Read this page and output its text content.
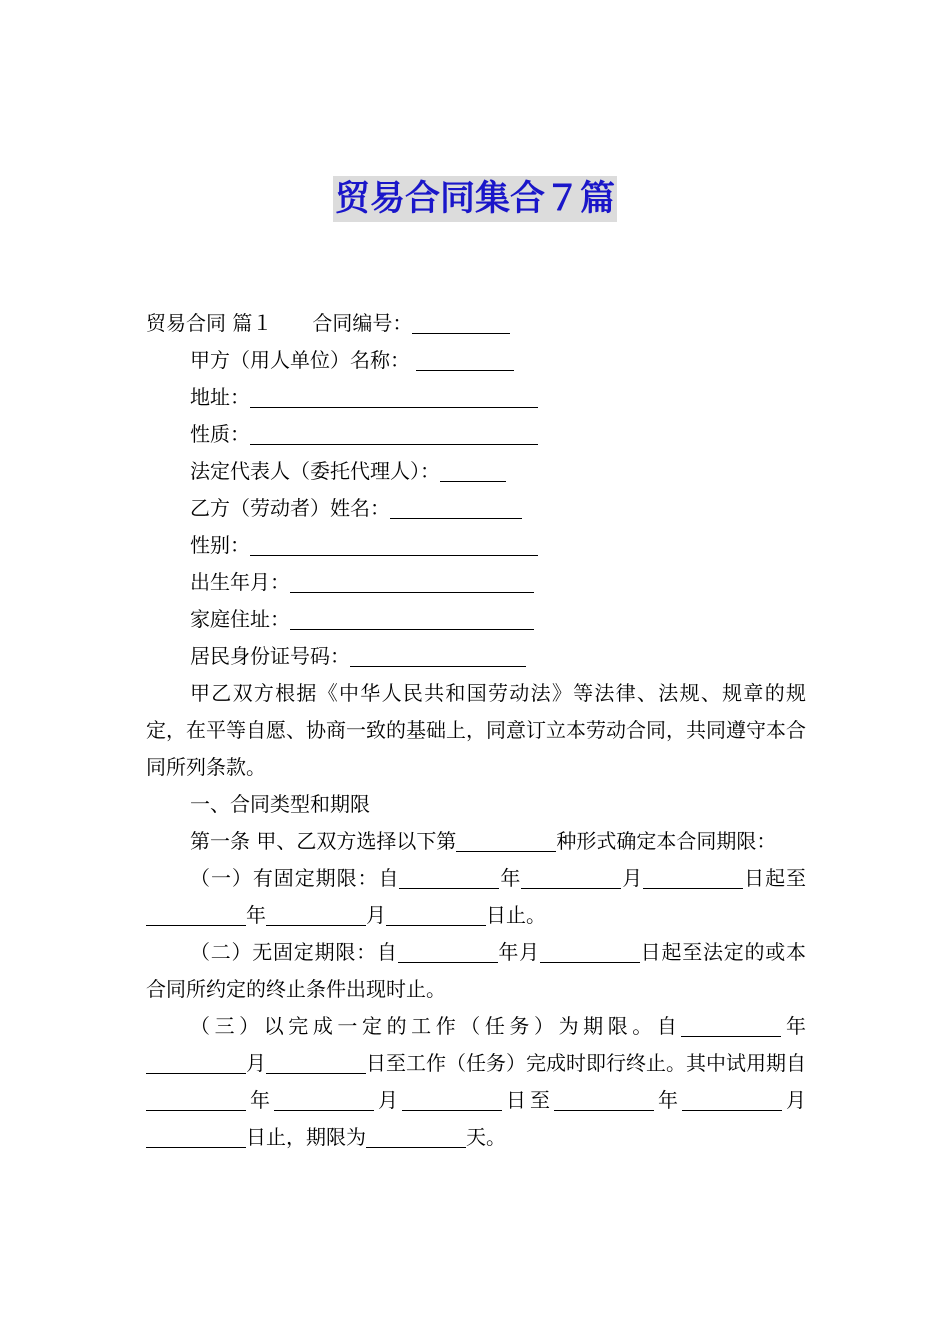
贸易合同集合７篇
贸易合同 篇１ 合同编号：
甲方（用人单位）名称：
地址：
性质：
法定代表人（委托代理人）：
乙方（劳动者）姓名：
性别：
出生年月：
家庭住址：
居民身份证号码：
甲乙双方根据《中华人民共和国劳动法》等法律、法规、规章的规定，在平等自愿、协商一致的基础上，同意订立本劳动合同，共同遵守本合同所列条款。
一、合同类型和期限
第一条 甲、乙双方选择以下第	种形式确定本合同期限：
（一）有固定期限：自	年	月	日起至年	月	日止。
（二）无固定期限：自	年月	日起至法定的或本合同所约定的终止条件出现时止。
（三）以完成一定的工作（任务）为期限。自	年月	日至工作（任务）完成时即行终止。其中试用期自年	月	日至	年	月日止，期限为	天。
